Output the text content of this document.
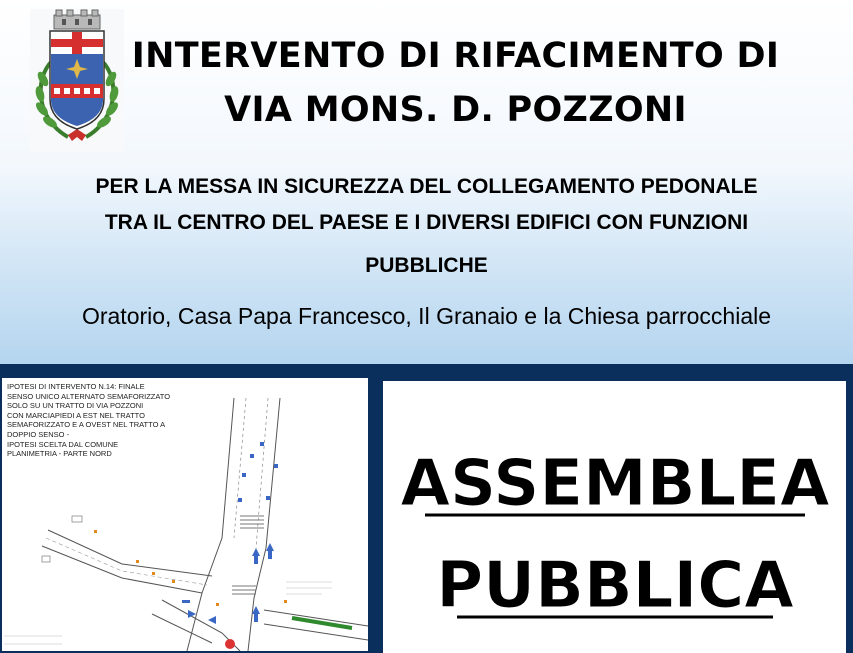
INTERVENTO DI RIFACIMENTO DI
VIA MONS. D. POZZONI
PER LA MESSA IN SICUREZZA DEL COLLEGAMENTO PEDONALE
TRA IL CENTRO DEL PAESE E I DIVERSI EDIFICI CON FUNZIONI
PUBBLICHE
Oratorio, Casa Papa Francesco, Il Granaio e la Chiesa parrocchiale
IPOTESI DI INTERVENTO N.14: FINALE
SENSO UNICO ALTERNATO SEMAFORIZZATO
SOLO SU UN TRATTO DI VIA POZZONI
CON MARCIAPIEDI A EST NEL TRATTO
SEMAFORIZZATO E A OVEST NEL TRATTO A
DOPPIO SENSO -
IPOTESI SCELTA DAL COMUNE
PLANIMETRIA - PARTE NORD	ASSEMBLEA
PUBBLICA
